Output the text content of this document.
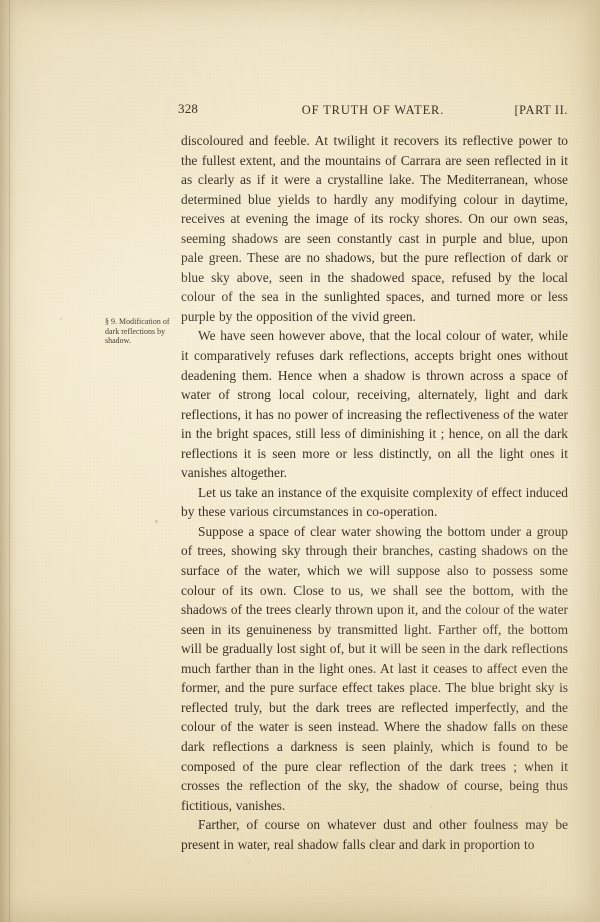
328	OF TRUTH OF WATER.	[PART II.
§ 9. Modification of dark reflections by shadow.

discoloured and feeble. At twilight it recovers its reflective power to the fullest extent, and the mountains of Carrara are seen reflected in it as clearly as if it were a crystalline lake. The Mediterranean, whose determined blue yields to hardly any modifying colour in daytime, receives at evening the image of its rocky shores. On our own seas, seeming shadows are seen constantly cast in purple and blue, upon pale green. These are no shadows, but the pure reflection of dark or blue sky above, seen in the shadowed space, refused by the local colour of the sea in the sunlighted spaces, and turned more or less purple by the opposition of the vivid green.

We have seen however above, that the local colour of water, while it comparatively refuses dark reflections, accepts bright ones without deadening them. Hence when a shadow is thrown across a space of water of strong local colour, receiving, alternately, light and dark reflections, it has no power of increasing the reflectiveness of the water in the bright spaces, still less of diminishing it ; hence, on all the dark reflections it is seen more or less distinctly, on all the light ones it vanishes altogether.

Let us take an instance of the exquisite complexity of effect induced by these various circumstances in co-operation.

Suppose a space of clear water showing the bottom under a group of trees, showing sky through their branches, casting shadows on the surface of the water, which we will suppose also to possess some colour of its own. Close to us, we shall see the bottom, with the shadows of the trees clearly thrown upon it, and the colour of the water seen in its genuineness by transmitted light. Farther off, the bottom will be gradually lost sight of, but it will be seen in the dark reflections much farther than in the light ones. At last it ceases to affect even the former, and the pure surface effect takes place. The blue bright sky is reflected truly, but the dark trees are reflected imperfectly, and the colour of the water is seen instead. Where the shadow falls on these dark reflections a darkness is seen plainly, which is found to be composed of the pure clear reflection of the dark trees ; when it crosses the reflection of the sky, the shadow of course, being thus fictitious, vanishes.

Farther, of course on whatever dust and other foulness may be present in water, real shadow falls clear and dark in proportion to
